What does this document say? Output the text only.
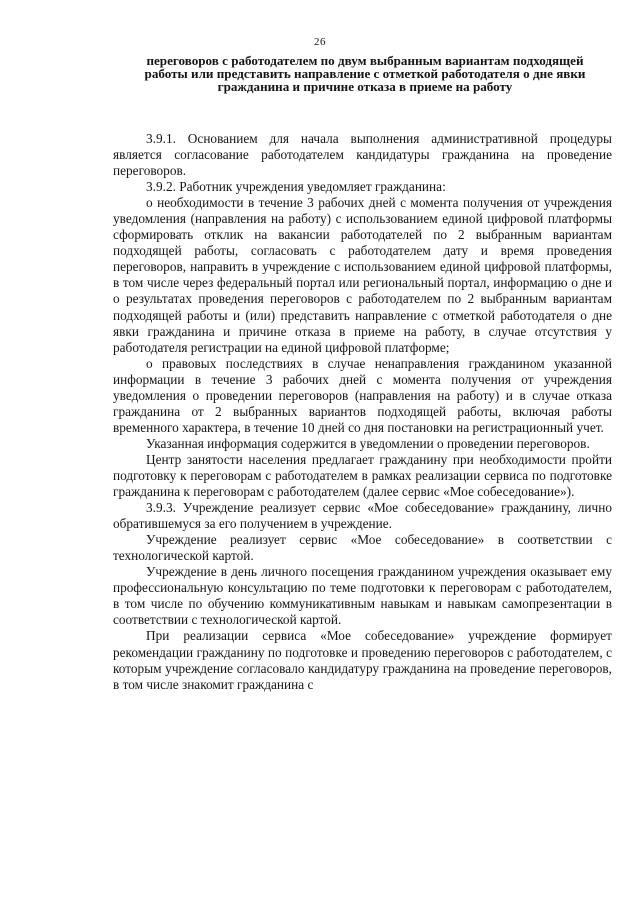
26
переговоров с работодателем по двум выбранным вариантам подходящей работы или представить направление с отметкой работодателя о дне явки гражданина и причине отказа в приеме на работу

3.9.1. Основанием для начала выполнения административной процедуры является согласование работодателем кандидатуры гражданина на проведение переговоров.

3.9.2. Работник учреждения уведомляет гражданина:

о необходимости в течение 3 рабочих дней с момента получения от учреждения уведомления (направления на работу) с использованием единой цифровой платформы сформировать отклик на вакансии работодателей по 2 выбранным вариантам подходящей работы, согласовать с работодателем дату и время проведения переговоров, направить в учреждение с использованием единой цифровой платформы, в том числе через федеральный портал или региональный портал, информацию о дне и о результатах проведения переговоров с работодателем по 2 выбранным вариантам подходящей работы и (или) представить направление с отметкой работодателя о дне явки гражданина и причине отказа в приеме на работу, в случае отсутствия у работодателя регистрации на единой цифровой платформе;

о правовых последствиях в случае ненаправления гражданином указанной информации в течение 3 рабочих дней с момента получения от учреждения уведомления о проведении переговоров (направления на работу) и в случае отказа гражданина от 2 выбранных вариантов подходящей работы, включая работы временного характера, в течение 10 дней со дня постановки на регистрационный учет.

Указанная информация содержится в уведомлении о проведении переговоров.

Центр занятости населения предлагает гражданину при необходимости пройти подготовку к переговорам с работодателем в рамках реализации сервиса по подготовке гражданина к переговорам с работодателем (далее сервис «Мое собеседование»).

3.9.3. Учреждение реализует сервис «Мое собеседование» гражданину, лично обратившемуся за его получением в учреждение.

Учреждение реализует сервис «Мое собеседование» в соответствии с технологической картой.

Учреждение в день личного посещения гражданином учреждения оказывает ему профессиональную консультацию по теме подготовки к переговорам с работодателем, в том числе по обучению коммуникативным навыкам и навыкам самопрезентации в соответствии с технологической картой.

При реализации сервиса «Мое собеседование» учреждение формирует рекомендации гражданину по подготовке и проведению переговоров с работодателем, с которым учреждение согласовало кандидатуру гражданина на проведение переговоров, в том числе знакомит гражданина с
